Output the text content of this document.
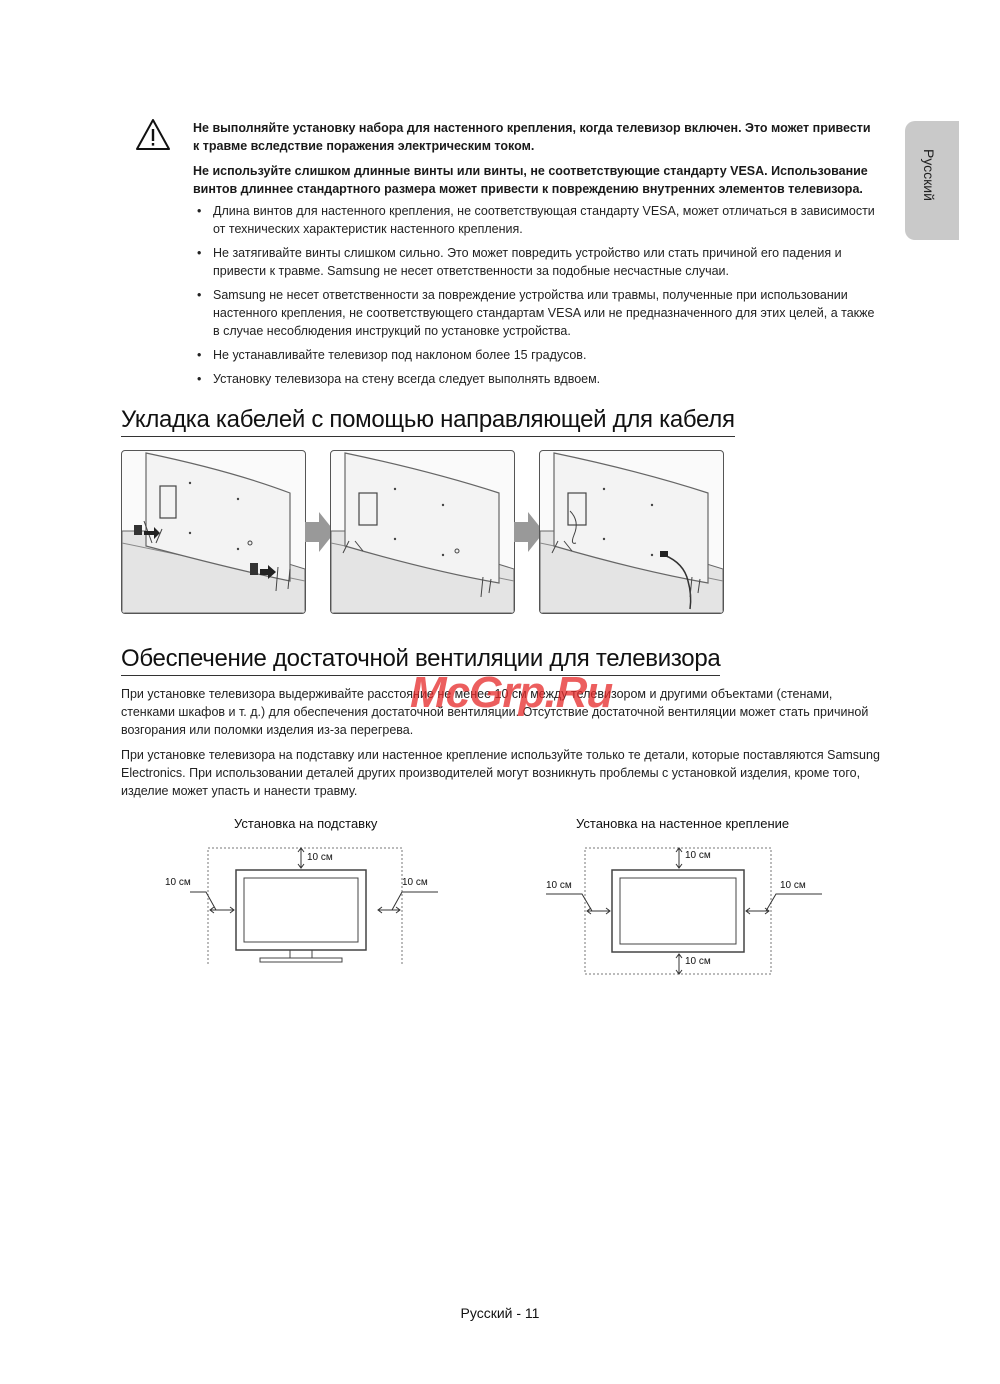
Русский

Не выполняйте установку набора для настенного крепления, когда телевизор включен. Это может привести к травме вследствие поражения электрическим током.

Не используйте слишком длинные винты или винты, не соответствующие стандарту VESA. Использование винтов длиннее стандартного размера может привести к повреждению внутренних элементов телевизора.

• Длина винтов для настенного крепления, не соответствующая стандарту VESA, может отличаться в зависимости от технических характеристик настенного крепления.
• Не затягивайте винты слишком сильно. Это может повредить устройство или стать причиной его падения и привести к травме. Samsung не несет ответственности за подобные несчастные случаи.
• Samsung не несет ответственности за повреждение устройства или травмы, полученные при использовании настенного крепления, не соответствующего стандартам VESA или не предназначенного для этих целей, а также в случае несоблюдения инструкций по установке устройства.
• Не устанавливайте телевизор под наклоном более 15 градусов.
• Установку телевизора на стену всегда следует выполнять вдвоем.
Укладка кабелей с помощью направляющей для кабеля
Обеспечение достаточной вентиляции для телевизора

При установке телевизора выдерживайте расстояние не менее 10 см между телевизором и другими объектами (стенами, стенками шкафов и т. д.) для обеспечения достаточной вентиляции. Отсутствие достаточной вентиляции может стать причиной возгорания или поломки изделия из-за перегрева.

При установке телевизора на подставку или настенное крепление используйте только те детали, которые поставляются Samsung Electronics. При использовании деталей других производителей могут возникнуть проблемы с установкой изделия, кроме того, изделие может упасть и нанести травму.

McGrp.Ru
Установка на подставку
10 см
10 см	10 см
Установка на настенное крепление
10 см
10 см	10 см
10 см
Русский - 11
